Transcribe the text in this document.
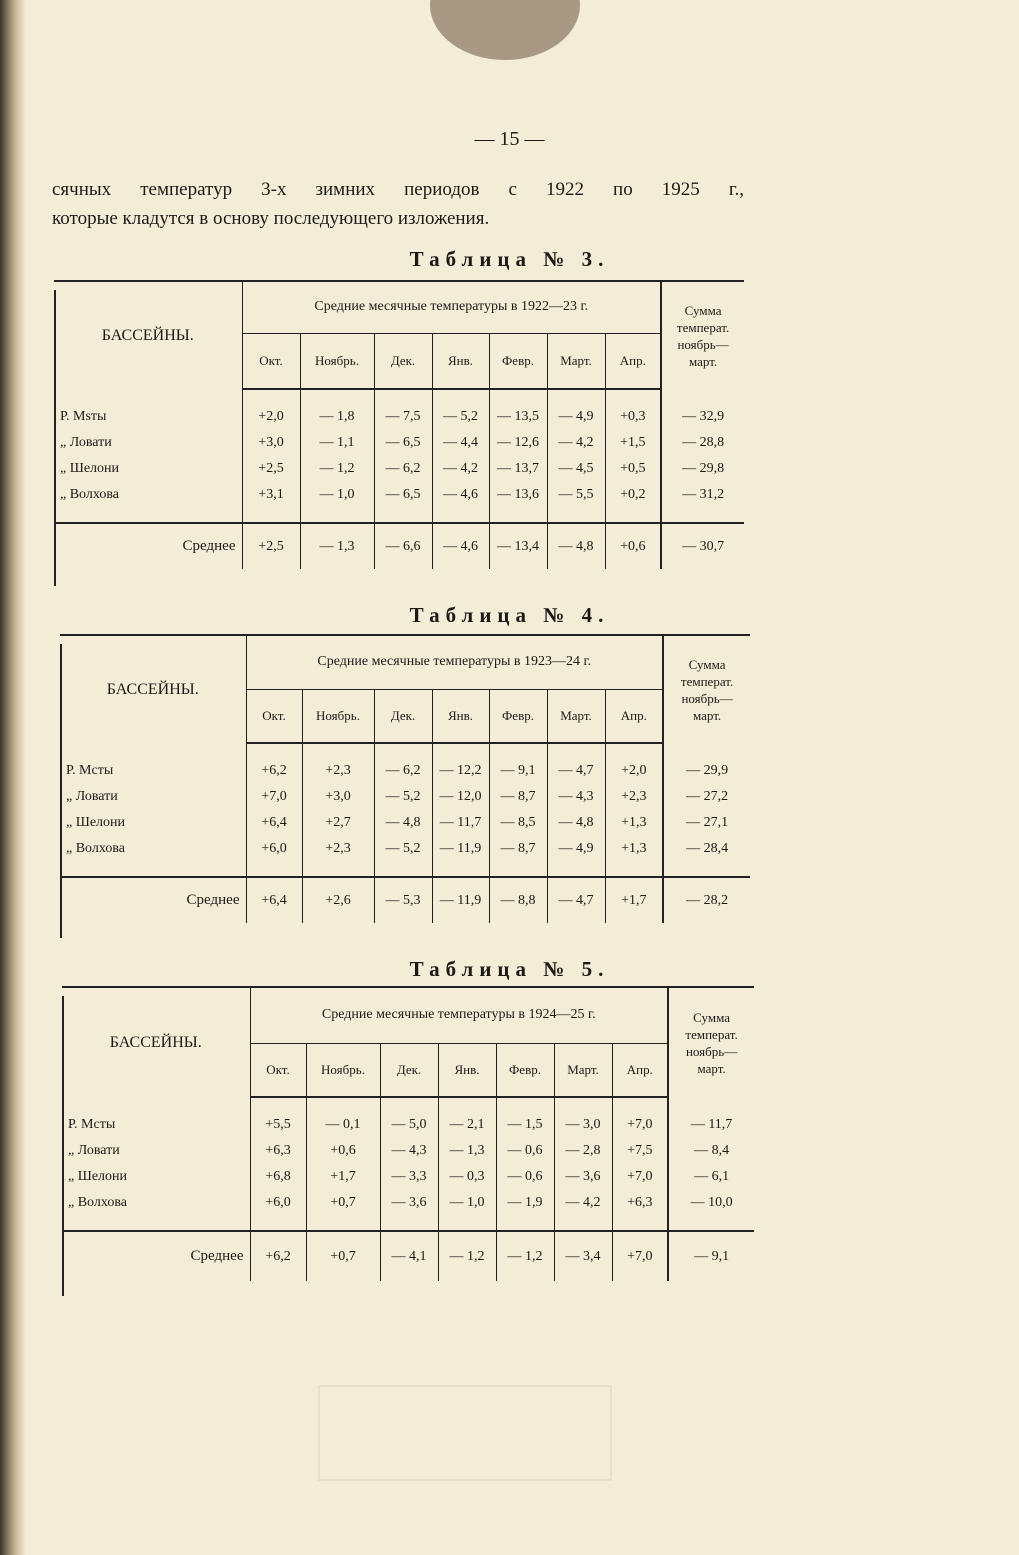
— 15 —

сячных температур 3-х зимних периодов с 1922 по 1925 г.,

которые кладутся в основу последующего изложения.

Таблица № 3.
БАССЕЙНЫ.	Средние месячные температуры в 1922—23 г.							Сумма температ. ноябрь—март.
	Окт.	Ноябрь.	Дек.	Янв.	Февр.	Март.	Апр.	

Р. Msты	+2,0	— 1,8	— 7,5	— 5,2	— 13,5	— 4,9	+0,3	— 32,9
„ Ловати	+3,0	— 1,1	— 6,5	— 4,4	— 12,6	— 4,2	+1,5	— 28,8
„ Шелони	+2,5	— 1,2	— 6,2	— 4,2	— 13,7	— 4,5	+0,5	— 29,8
„ Волхова	+3,1	— 1,0	— 6,5	— 4,6	— 13,6	— 5,5	+0,2	— 31,2

Среднее	+2,5	— 1,3	— 6,6	— 4,6	— 13,4	— 4,8	+0,6	— 30,7
Таблица № 4.
БАССЕЙНЫ.	Средние месячные температуры в 1923—24 г.							Сумма температ. ноябрь— март.
	Окт.	Ноябрь.	Дек.	Янв.	Февр.	Март.	Апр.	

Р. Мсты	+6,2	+2,3	— 6,2	— 12,2	— 9,1	— 4,7	+2,0	— 29,9
„ Ловати	+7,0	+3,0	— 5,2	— 12,0	— 8,7	— 4,3	+2,3	— 27,2
„ Шелони	+6,4	+2,7	— 4,8	— 11,7	— 8,5	— 4,8	+1,3	— 27,1
„ Волхова	+6,0	+2,3	— 5,2	— 11,9	— 8,7	— 4,9	+1,3	— 28,4

Среднее	+6,4	+2,6	— 5,3	— 11,9	— 8,8	— 4,7	+1,7	— 28,2
Таблица № 5.
БАССЕЙНЫ.	Средние месячные температуры в 1924—25 г.							Сумма температ. ноябрь— март.
	Окт.	Ноябрь.	Дек.	Янв.	Февр.	Март.	Апр.	

Р. Мсты	+5,5	— 0,1	— 5,0	— 2,1	— 1,5	— 3,0	+7,0	— 11,7
„ Ловати	+6,3	+0,6	— 4,3	— 1,3	— 0,6	— 2,8	+7,5	— 8,4
„ Шелони	+6,8	+1,7	— 3,3	— 0,3	— 0,6	— 3,6	+7,0	— 6,1
„ Волхова	+6,0	+0,7	— 3,6	— 1,0	— 1,9	— 4,2	+6,3	— 10,0

Среднее	+6,2	+0,7	— 4,1	— 1,2	— 1,2	— 3,4	+7,0	— 9,1
